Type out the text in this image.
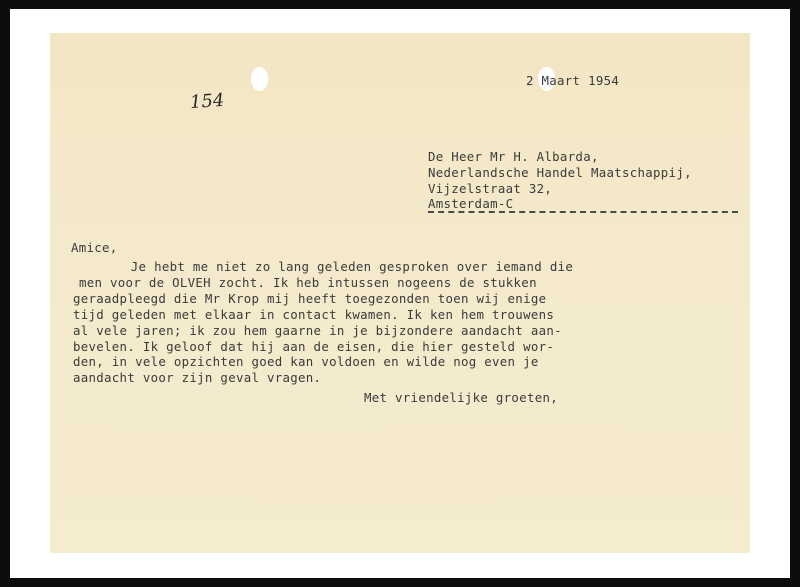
154
2 Maart 1954
De Heer Mr H. Albarda,
Nederlandsche Handel Maatschappij,
Vijzelstraat 32,
Amsterdam-C
Amice,
Je hebt me niet zo lang geleden gesproken over iemand die
men voor de OLVEH zocht. Ik heb intussen nogeens de stukken
geraadpleegd die Mr Krop mij heeft toegezonden toen wij enige
tijd geleden met elkaar in contact kwamen. Ik ken hem trouwens
al vele jaren; ik zou hem gaarne in je bijzondere aandacht aan-
bevelen. Ik geloof dat hij aan de eisen, die hier gesteld wor-
den, in vele opzichten goed kan voldoen en wilde nog even je
aandacht voor zijn geval vragen.
Met vriendelijke groeten,
